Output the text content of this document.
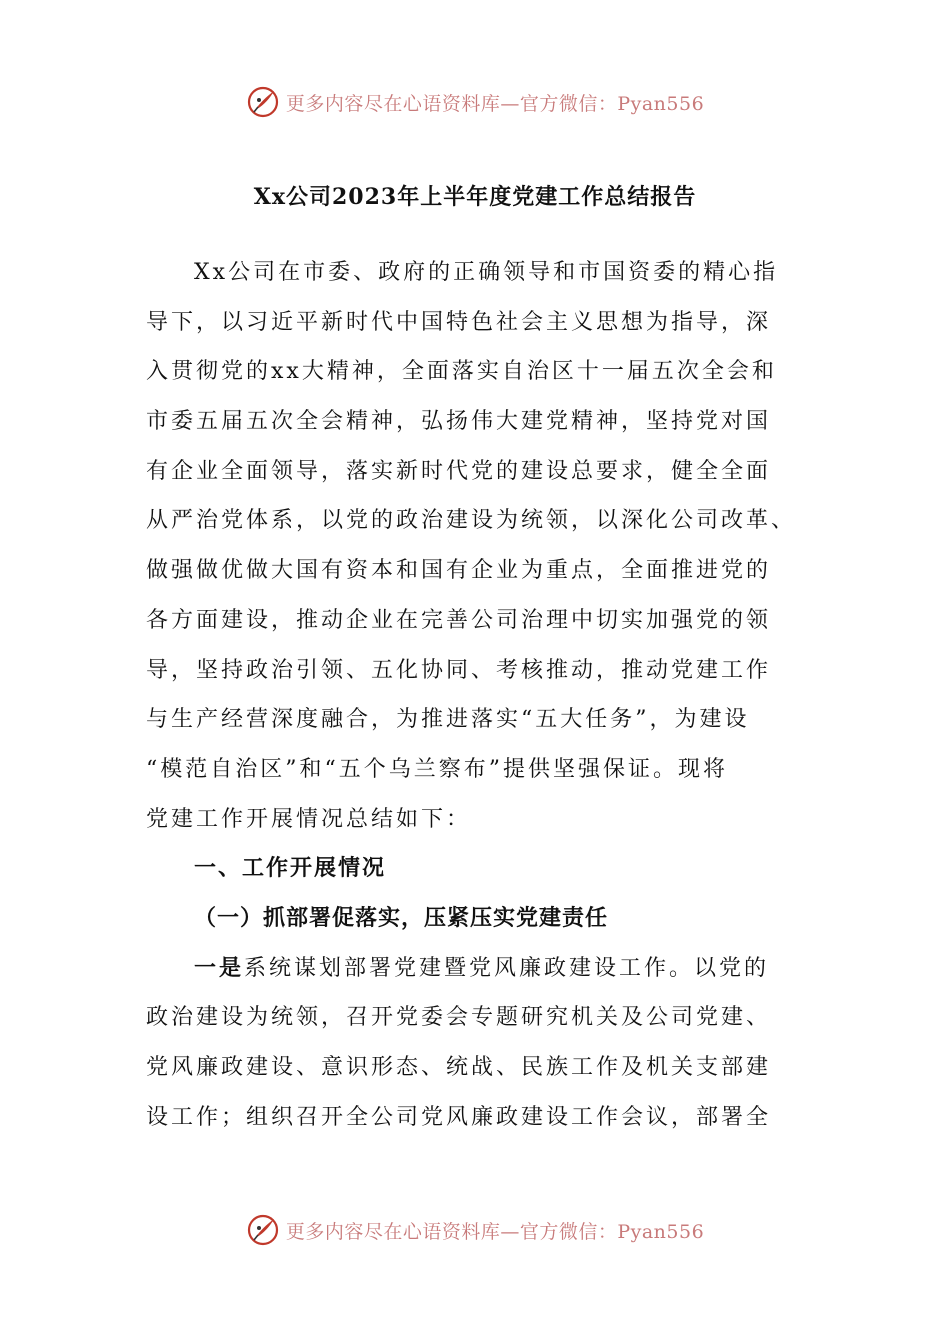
更多内容尽在心语资料库—官方微信：Pyan556
Xx公司2023年上半年度党建工作总结报告
Xx公司在市委、政府的正确领导和市国资委的精心指
导下，以习近平新时代中国特色社会主义思想为指导，深
入贯彻党的xx大精神，全面落实自治区十一届五次全会和
市委五届五次全会精神，弘扬伟大建党精神，坚持党对国
有企业全面领导，落实新时代党的建设总要求，健全全面
从严治党体系，以党的政治建设为统领，以深化公司改革、
做强做优做大国有资本和国有企业为重点，全面推进党的
各方面建设，推动企业在完善公司治理中切实加强党的领
导，坚持政治引领、五化协同、考核推动，推动党建工作
与生产经营深度融合，为推进落实“五大任务”，为建设
“模范自治区”和“五个乌兰察布”提供坚强保证。现将
党建工作开展情况总结如下：
一、工作开展情况
（一）抓部署促落实，压紧压实党建责任
一是系统谋划部署党建暨党风廉政建设工作。以党的
政治建设为统领，召开党委会专题研究机关及公司党建、
党风廉政建设、意识形态、统战、民族工作及机关支部建
设工作；组织召开全公司党风廉政建设工作会议，部署全
更多内容尽在心语资料库—官方微信：Pyan556
